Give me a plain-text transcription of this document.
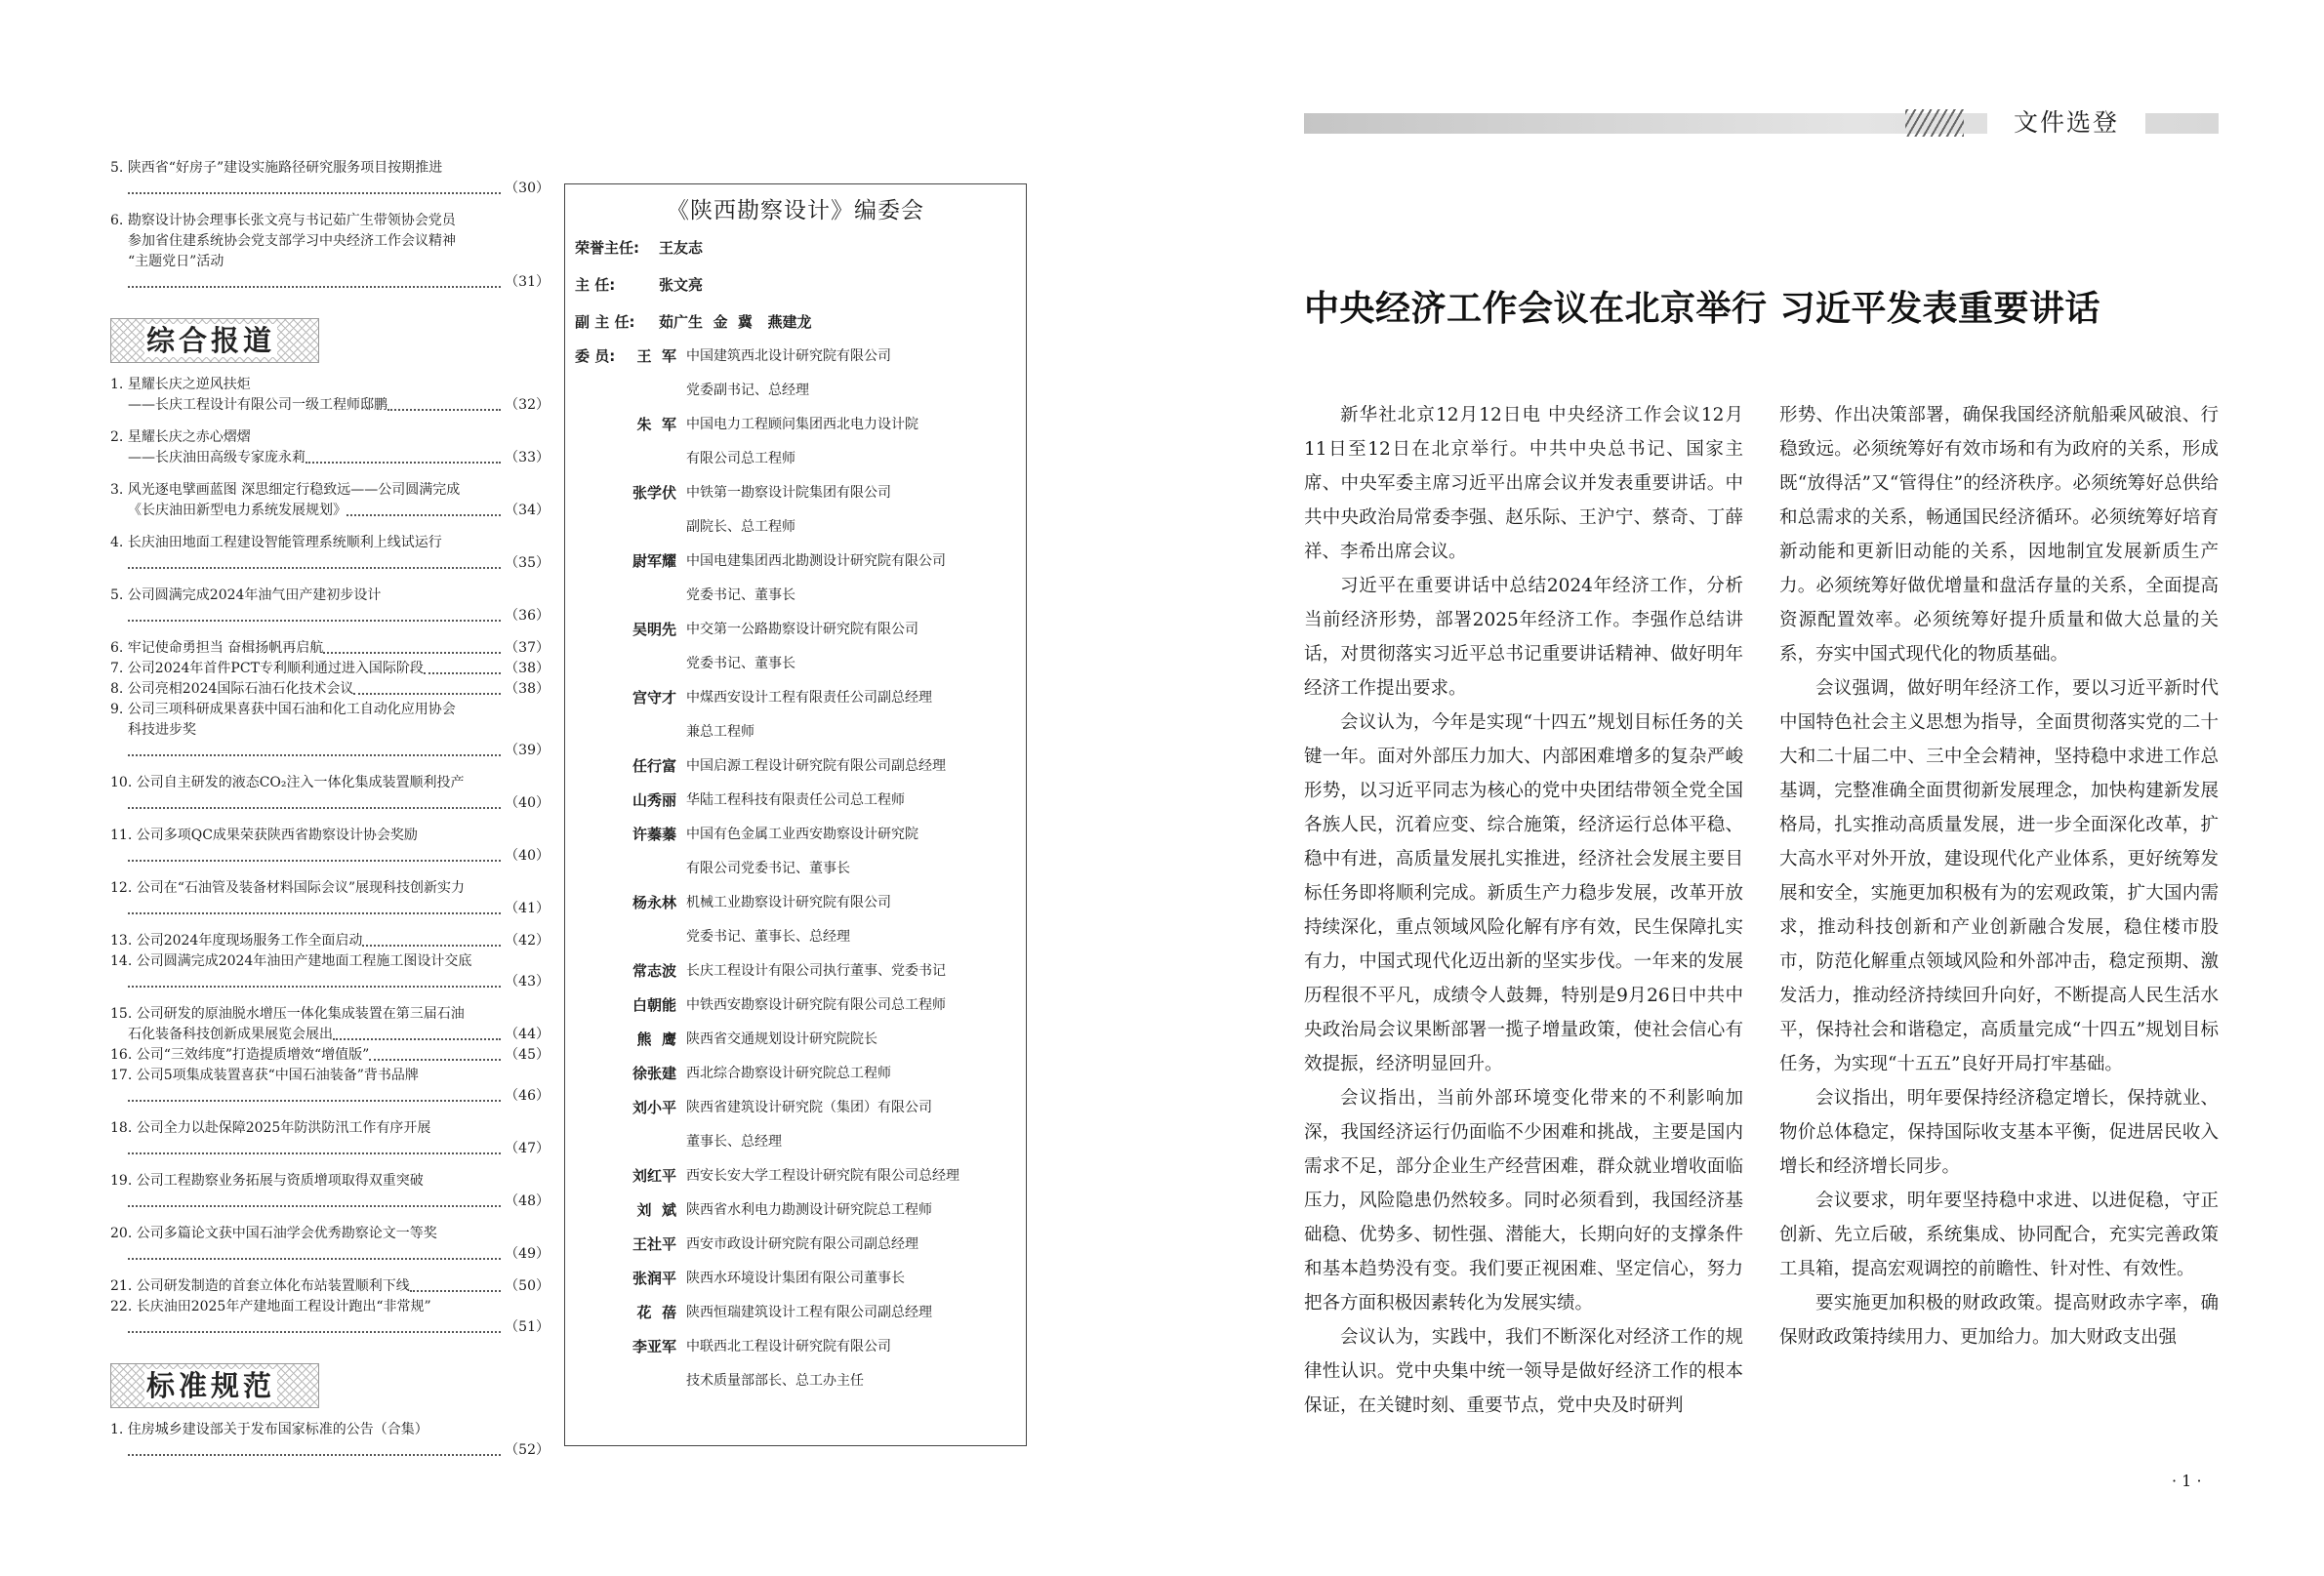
5. 陕西省“好房子”建设实施路径研究服务项目按期推进
（30）
6. 勘察设计协会理事长张文亮与书记茹广生带领协会党员
参加省住建系统协会党支部学习中央经济工作会议精神
“主题党日”活动
（31）
综合报道
1. 星耀长庆之逆风扶炬
——长庆工程设计有限公司一级工程师邸鹏	（32）
2. 星耀长庆之赤心熠熠
——长庆油田高级专家庞永莉	（33）
3. 风光逐电擘画蓝图 深思细定行稳致远——公司圆满完成
《长庆油田新型电力系统发展规划》	（34）
4. 长庆油田地面工程建设智能管理系统顺利上线试运行
（35）
5. 公司圆满完成2024年油气田产建初步设计
（36）
6. 牢记使命勇担当 奋楫扬帆再启航	（37）
7. 公司2024年首件PCT专利顺利通过进入国际阶段	（38）
8. 公司亮相2024国际石油石化技术会议	（38）
9. 公司三项科研成果喜获中国石油和化工自动化应用协会
科技进步奖
（39）
10. 公司自主研发的液态CO₂注入一体化集成装置顺利投产
（40）
11. 公司多项QC成果荣获陕西省勘察设计协会奖励
（40）
12. 公司在“石油管及装备材料国际会议”展现科技创新实力
（41）
13. 公司2024年度现场服务工作全面启动	（42）
14. 公司圆满完成2024年油田产建地面工程施工图设计交底
（43）
15. 公司研发的原油脱水增压一体化集成装置在第三届石油
石化装备科技创新成果展览会展出	（44）
16. 公司“三效纬度”打造提质增效“增值版”	（45）
17. 公司5项集成装置喜获“中国石油装备”背书品牌
（46）
18. 公司全力以赴保障2025年防洪防汛工作有序开展
（47）
19. 公司工程勘察业务拓展与资质增项取得双重突破
（48）
20. 公司多篇论文获中国石油学会优秀勘察论文一等奖
（49）
21. 公司研发制造的首套立体化布站装置顺利下线	（50）
22. 长庆油田2025年产建地面工程设计跑出“非常规”
（51）
标准规范
1. 住房城乡建设部关于发布国家标准的公告（合集）
（52）
《陕西勘察设计》编委会
荣誉主任:	王友志
主 任:	张文亮
副 主 任:	茹广生  金  冀   燕建龙
委 员:	王  军 中国建筑西北设计研究院有限公司
党委副书记、总经理
朱  军 中国电力工程顾问集团西北电力设计院
有限公司总工程师
张学伏 中铁第一勘察设计院集团有限公司
副院长、总工程师
尉军耀 中国电建集团西北勘测设计研究院有限公司
党委书记、董事长
吴明先 中交第一公路勘察设计研究院有限公司
党委书记、董事长
宫守才 中煤西安设计工程有限责任公司副总经理
兼总工程师
任行富 中国启源工程设计研究院有限公司副总经理
山秀丽 华陆工程科技有限责任公司总工程师
许蓁蓁 中国有色金属工业西安勘察设计研究院
有限公司党委书记、董事长
杨永林 机械工业勘察设计研究院有限公司
党委书记、董事长、总经理
常志波 长庆工程设计有限公司执行董事、党委书记
白朝能 中铁西安勘察设计研究院有限公司总工程师
熊  鹰 陕西省交通规划设计研究院院长
徐张建 西北综合勘察设计研究院总工程师
刘小平 陕西省建筑设计研究院（集团）有限公司
董事长、总经理
刘红平 西安长安大学工程设计研究院有限公司总经理
刘  斌 陕西省水利电力勘测设计研究院总工程师
王社平 西安市政设计研究院有限公司副总经理
张润平 陕西水环境设计集团有限公司董事长
花  蓓 陕西恒瑞建筑设计工程有限公司副总经理
李亚军 中联西北工程设计研究院有限公司
技术质量部部长、总工办主任
文件选登
中央经济工作会议在北京举行 习近平发表重要讲话

新华社北京12月12日电 中央经济工作会议12月11日至12日在北京举行。中共中央总书记、国家主席、中央军委主席习近平出席会议并发表重要讲话。中共中央政治局常委李强、赵乐际、王沪宁、蔡奇、丁薛祥、李希出席会议。

习近平在重要讲话中总结2024年经济工作，分析当前经济形势，部署2025年经济工作。李强作总结讲话，对贯彻落实习近平总书记重要讲话精神、做好明年经济工作提出要求。

会议认为，今年是实现“十四五”规划目标任务的关键一年。面对外部压力加大、内部困难增多的复杂严峻形势，以习近平同志为核心的党中央团结带领全党全国各族人民，沉着应变、综合施策，经济运行总体平稳、稳中有进，高质量发展扎实推进，经济社会发展主要目标任务即将顺利完成。新质生产力稳步发展，改革开放持续深化，重点领域风险化解有序有效，民生保障扎实有力，中国式现代化迈出新的坚实步伐。一年来的发展历程很不平凡，成绩令人鼓舞，特别是9月26日中共中央政治局会议果断部署一揽子增量政策，使社会信心有效提振，经济明显回升。

会议指出，当前外部环境变化带来的不利影响加深，我国经济运行仍面临不少困难和挑战，主要是国内需求不足，部分企业生产经营困难，群众就业增收面临压力，风险隐患仍然较多。同时必须看到，我国经济基础稳、优势多、韧性强、潜能大，长期向好的支撑条件和基本趋势没有变。我们要正视困难、坚定信心，努力把各方面积极因素转化为发展实绩。

会议认为，实践中，我们不断深化对经济工作的规律性认识。党中央集中统一领导是做好经济工作的根本保证，在关键时刻、重要节点，党中央及时研判

形势、作出决策部署，确保我国经济航船乘风破浪、行稳致远。必须统筹好有效市场和有为政府的关系，形成既“放得活”又“管得住”的经济秩序。必须统筹好总供给和总需求的关系，畅通国民经济循环。必须统筹好培育新动能和更新旧动能的关系，因地制宜发展新质生产力。必须统筹好做优增量和盘活存量的关系，全面提高资源配置效率。必须统筹好提升质量和做大总量的关系，夯实中国式现代化的物质基础。

会议强调，做好明年经济工作，要以习近平新时代中国特色社会主义思想为指导，全面贯彻落实党的二十大和二十届二中、三中全会精神，坚持稳中求进工作总基调，完整准确全面贯彻新发展理念，加快构建新发展格局，扎实推动高质量发展，进一步全面深化改革，扩大高水平对外开放，建设现代化产业体系，更好统筹发展和安全，实施更加积极有为的宏观政策，扩大国内需求，推动科技创新和产业创新融合发展，稳住楼市股市，防范化解重点领域风险和外部冲击，稳定预期、激发活力，推动经济持续回升向好，不断提高人民生活水平，保持社会和谐稳定，高质量完成“十四五”规划目标任务，为实现“十五五”良好开局打牢基础。

会议指出，明年要保持经济稳定增长，保持就业、物价总体稳定，保持国际收支基本平衡，促进居民收入增长和经济增长同步。

会议要求，明年要坚持稳中求进、以进促稳，守正创新、先立后破，系统集成、协同配合，充实完善政策工具箱，提高宏观调控的前瞻性、针对性、有效性。

要实施更加积极的财政政策。提高财政赤字率，确保财政政策持续用力、更加给力。加大财政支出强

· 1 ·
